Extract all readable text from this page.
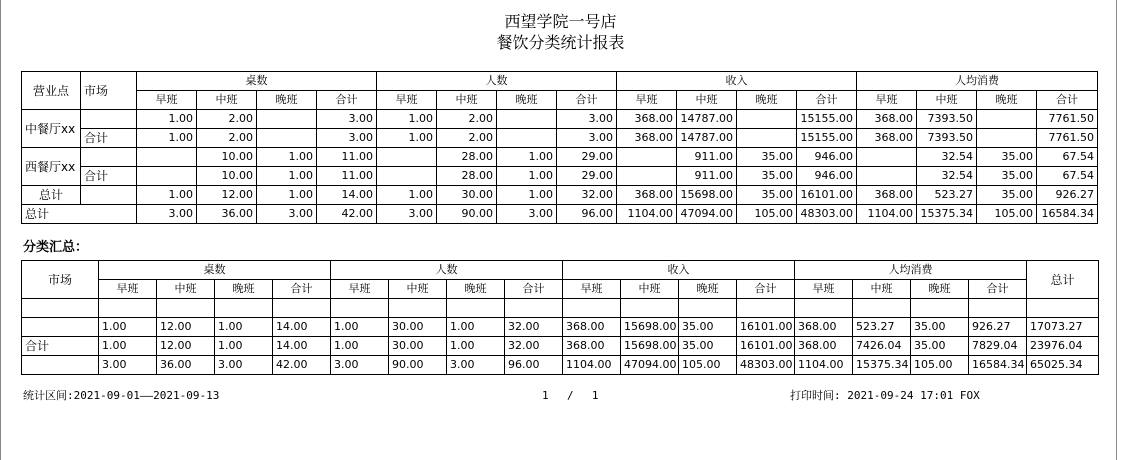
西望学院一号店
餐饮分类统计报表
营业点	市场	桌数				人数				收入				人均消费			
		早班	中班	晚班	合计	早班	中班	晚班	合计	早班	中班	晚班	合计	早班	中班	晚班	合计
中餐厅xx		1.00	2.00		3.00	1.00	2.00		3.00	368.00	14787.00		15155.00	368.00	7393.50		7761.50
	合计	1.00	2.00		3.00	1.00	2.00		3.00	368.00	14787.00		15155.00	368.00	7393.50		7761.50
西餐厅xx			10.00	1.00	11.00		28.00	1.00	29.00		911.00	35.00	946.00		32.54	35.00	67.54
	合计		10.00	1.00	11.00		28.00	1.00	29.00		911.00	35.00	946.00		32.54	35.00	67.54
总计		1.00	12.00	1.00	14.00	1.00	30.00	1.00	32.00	368.00	15698.00	35.00	16101.00	368.00	523.27	35.00	926.27
总计		3.00	36.00	3.00	42.00	3.00	90.00	3.00	96.00	1104.00	47094.00	105.00	48303.00	1104.00	15375.34	105.00	16584.34
分类汇总：
市场	桌数				人数				收入				人均消费				总计
	早班	中班	晚班	合计	早班	中班	晚班	合计	早班	中班	晚班	合计	早班	中班	晚班	合计	

	1.00	12.00	1.00	14.00	1.00	30.00	1.00	32.00	368.00	15698.00	35.00	16101.00	368.00	523.27	35.00	926.27	17073.27
合计	1.00	12.00	1.00	14.00	1.00	30.00	1.00	32.00	368.00	15698.00	35.00	16101.00	368.00	7426.04	35.00	7829.04	23976.04
	3.00	36.00	3.00	42.00	3.00	90.00	3.00	96.00	1104.00	47094.00	105.00	48303.00	1104.00	15375.34	105.00	16584.34	65025.34
统计区间:2021-09-01——2021-09-13	1 / 1	打印时间: 2021-09-24 17:01 FOX
